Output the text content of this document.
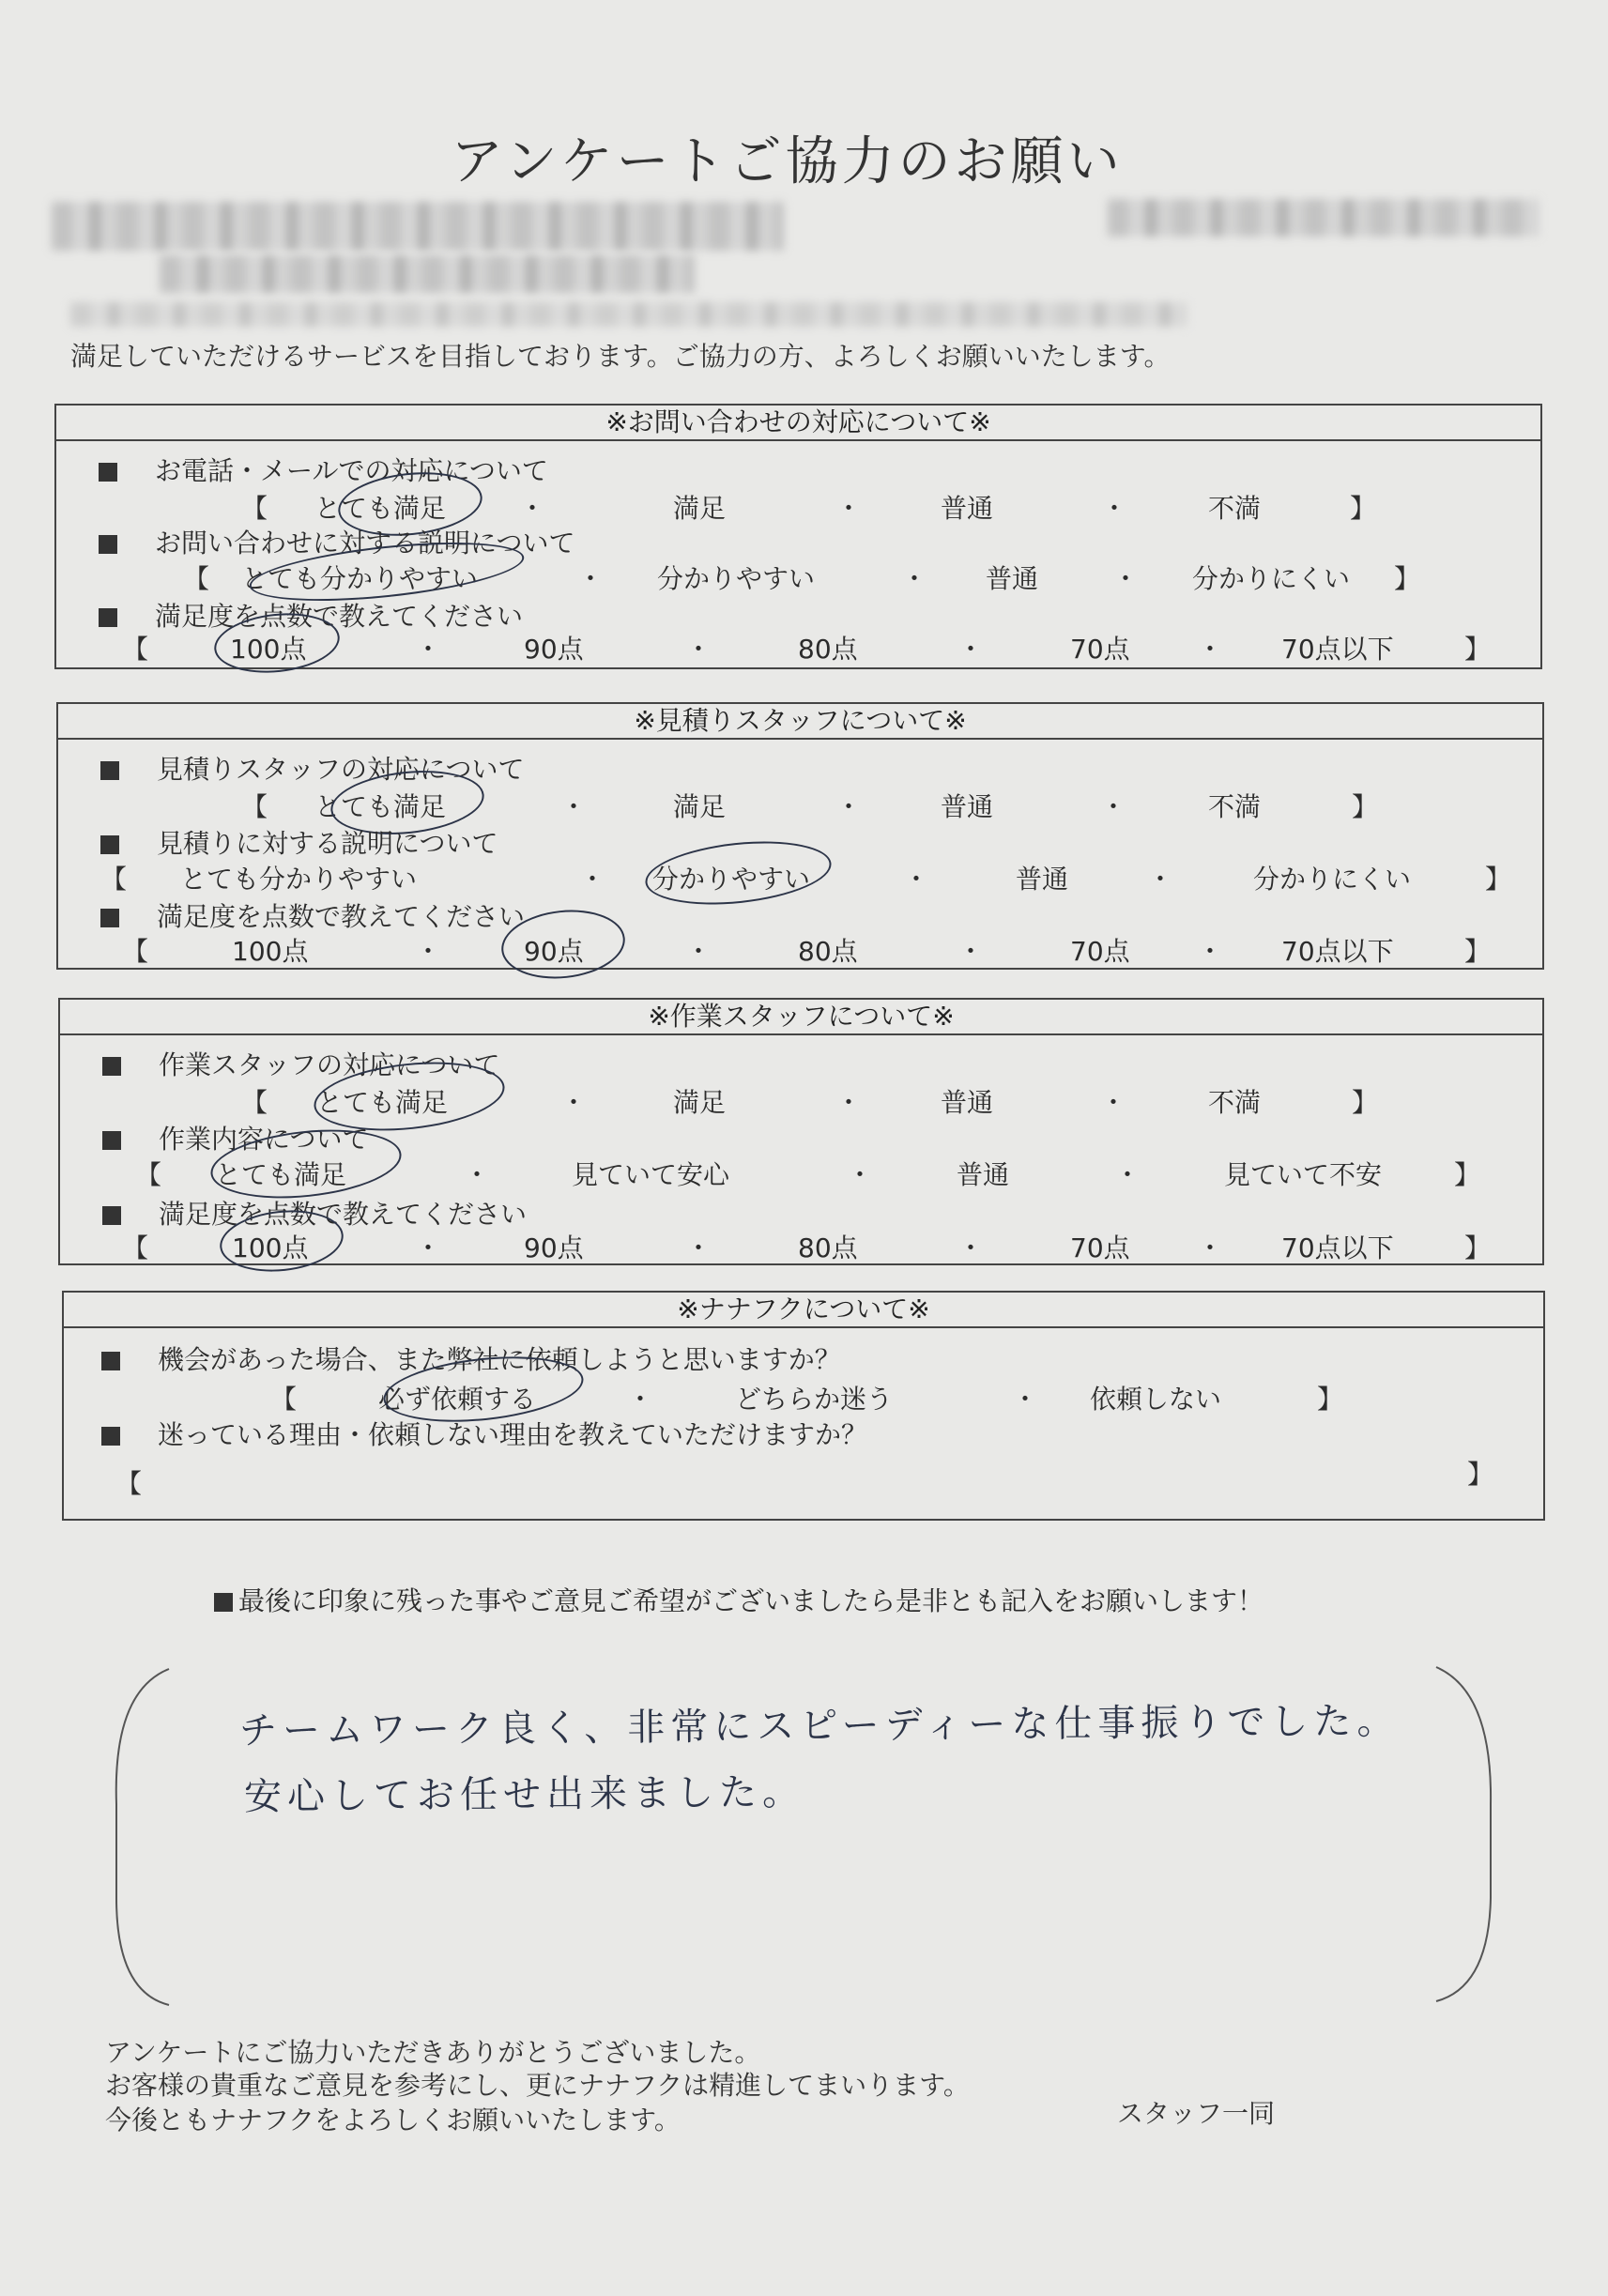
アンケートご協力のお願い
満足していただけるサービスを目指しております。ご協力の方、よろしくお願いいたします。
※お問い合わせの対応について※
お電話・メールでの対応について
【 とても満足	・	満足	・	普通	・	不満	】
お問い合わせに対する説明について
【 とても分かりやすい	・ 分かりやすい	・ 普通	・ 分かりにくい 】
満足度を点数で教えてください
【	100点	・	90点	・	80点	・	70点	・ 70点以下	】
※見積りスタッフについて※
見積りスタッフの対応について
【 とても満足	・	満足	・	普通	・	不満	】
見積りに対する説明について
【 とても分かりやすい	・ 分かりやすい	・	普通	・	分かりにくい	】
満足度を点数で教えてください
【	100点	・	90点	・	80点	・	70点	・ 70点以下	】
※作業スタッフについて※
作業スタッフの対応について
【 とても満足	・	満足	・	普通	・	不満	】
作業内容について
【 とても満足	・	見ていて安心	・	普通	・	見ていて不安	】
満足度を点数で教えてください
【	100点	・	90点	・	80点	・	70点	・ 70点以下	】
※ナナフクについて※
機会があった場合、また弊社に依頼しようと思いますか？
【	必ず依頼する	・	どちらか迷う	・ 依頼しない	】
迷っている理由・依頼しない理由を教えていただけますか？
【	】
最後に印象に残った事やご意見ご希望がございましたら是非とも記入をお願いします！
チームワーク良く、非常にスピーディーな仕事振りでした。
安心してお任せ出来ました。
アンケートにご協力いただきありがとうございました。
お客様の貴重なご意見を参考にし、更にナナフクは精進してまいります。
今後ともナナフクをよろしくお願いいたします。	スタッフ一同
